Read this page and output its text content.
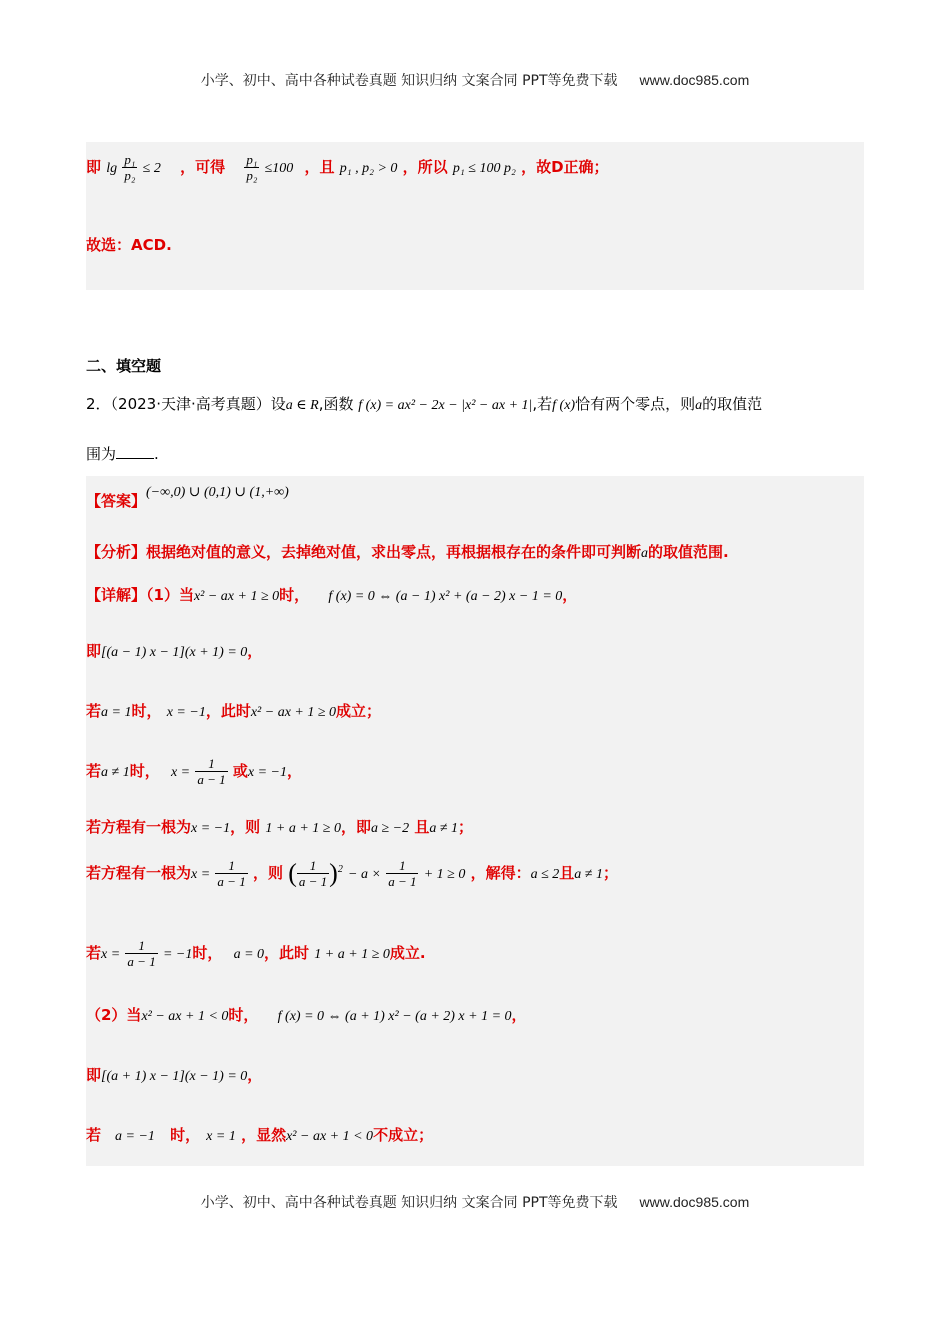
小学、初中、高中各种试卷真题 知识归纳 文案合同 PPT等免费下载 www.doc985.com
即 $\lg \frac{\text{p₁}}{\text{p₂}} \le 2$ ，可得 $\frac{\text{p₁}}{\text{p₂}} \le 100$ ，且 p₁ , p₂ > 0 ，所以 p₁ ≤ 100 p₂ ，故D正确；
故选：ACD.
二、填空题
2．（2023·天津·高考真题）设a ∈ R,函数 f (x) = ax² − 2x − |x² − ax + 1|,若f (x)恰有两个零点，则a的取值范
围为	.
【答案】(−∞,0) ∪ (0,1) ∪ (1,+∞)
【分析】根据绝对值的意义，去掉绝对值，求出零点，再根据根存在的条件即可判断a的取值范围.
【详解】（1）当x² − ax + 1 ≥ 0时， f (x) = 0 ⇔ (a − 1) x² + (a − 2) x − 1 = 0，
即[(a − 1) x − 1](x + 1) = 0，
若a = 1时， x = −1，此时x² − ax + 1 ≥ 0成立；
若a ≠ 1时， $x = \frac{1}{a - 1}$ 或x = −1，
若方程有一根为x = −1，则 1 + a + 1 ≥ 0，即a ≥ −2 且a ≠ 1；
若方程有一根为$x = \frac{1}{a - 1}$ ，则 ( $\frac{1}{a - 1} )^2 - a \times \frac{1}{a - 1} + 1 \ge 0$ ，解得：a ≤ 2且a ≠ 1；
若$x = \frac{1}{a - 1} = -1$时， a = 0，此时 1 + a + 1 ≥ 0成立.
（2）当x² − ax + 1 < 0时， f (x) = 0 ⇔ (a + 1) x² − (a + 2) x + 1 = 0，
即[(a + 1) x − 1](x − 1) = 0，
若 a = −1 时， x = 1 ，显然x² − ax + 1 < 0不成立；
小学、初中、高中各种试卷真题 知识归纳 文案合同 PPT等免费下载 www.doc985.com
